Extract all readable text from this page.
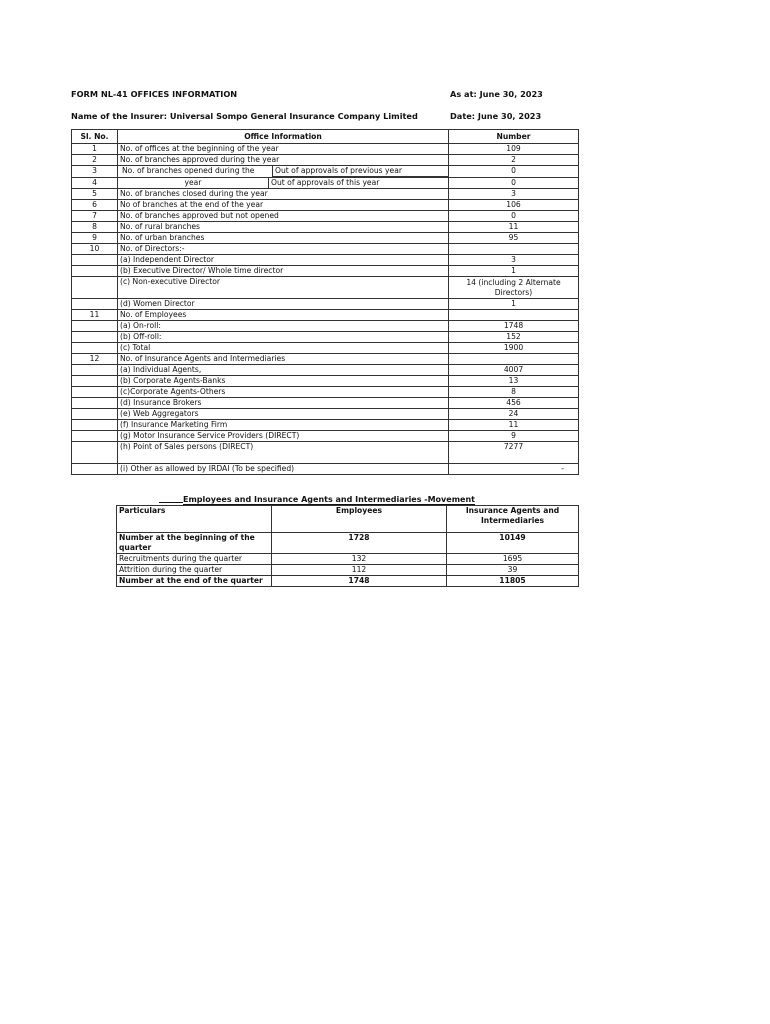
FORM NL-41 OFFICES INFORMATION	As at: June 30, 2023
Name of the Insurer: Universal Sompo General Insurance Company Limited	Date: June 30, 2023
Sl. No.	Office Information	Number
1	No. of offices at the beginning of the year	109
2	No. of branches approved during the year	2
3	No. of branches opened during the Out of approvals of previous year	0
4	year Out of approvals of this year	0
5	No. of branches closed during the year	3
6	No of branches at the end of the year	106
7	No. of branches approved but not opened	0
8	No. of rural branches	11
9	No. of urban branches	95
10	No. of Directors:-	
	(a) Independent Director	3
	(b) Executive Director/ Whole time director	1
	(c) Non-executive Director	14 (including 2 Alternate Directors)
	(d) Women Director	1
11	No. of Employees	
	(a) On-roll:	1748
	(b) Off-roll:	152
	(c) Total	1900
12	No. of Insurance Agents and Intermediaries	
	(a) Individual Agents,	4007
	(b) Corporate Agents-Banks	13
	(c)Corporate Agents-Others	8
	(d) Insurance Brokers	456
	(e) Web Aggregators	24
	(f) Insurance Marketing Firm	11
	(g) Motor Insurance Service Providers (DIRECT)	9
	(h) Point of Sales persons (DIRECT)	7277
	(i) Other as allowed by IRDAI (To be specified)	-
Employees and Insurance Agents and Intermediaries -Movement
Particulars	Employees	Insurance Agents and Intermediaries
Number at the beginning of the quarter	1728	10149
Recruitments during the quarter	132	1695
Attrition during the quarter	112	39
Number at the end of the quarter	1748	11805
